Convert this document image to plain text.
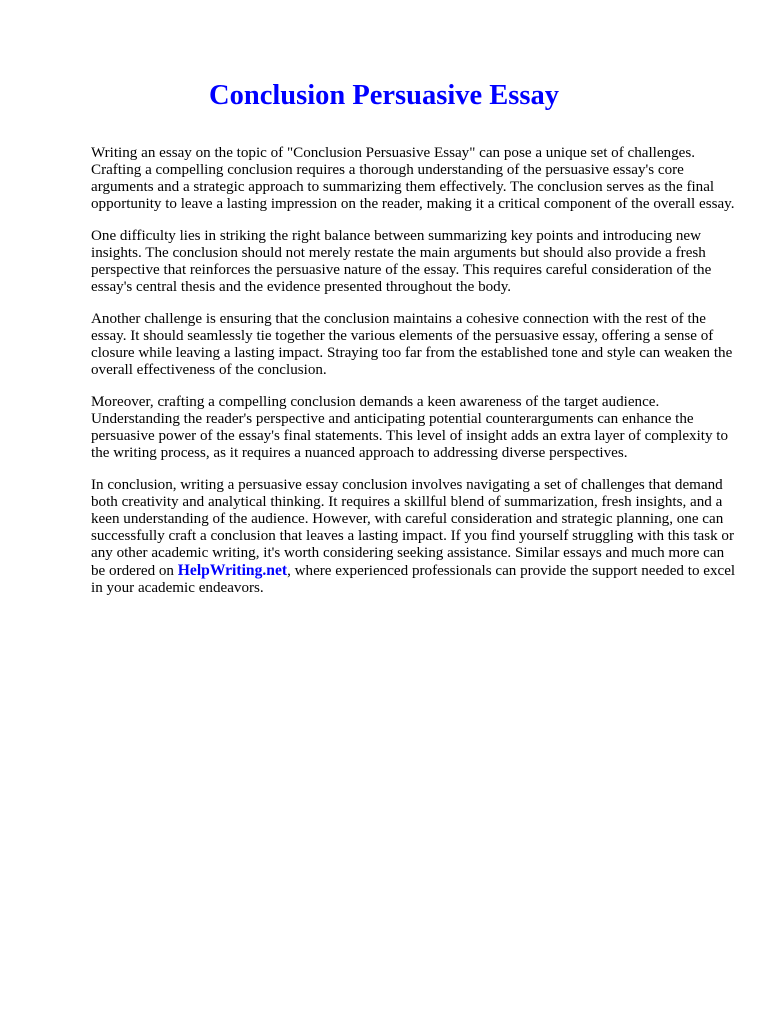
Conclusion Persuasive Essay

Writing an essay on the topic of "Conclusion Persuasive Essay" can pose a unique set of challenges. Crafting a compelling conclusion requires a thorough understanding of the persuasive essay's core arguments and a strategic approach to summarizing them effectively. The conclusion serves as the final opportunity to leave a lasting impression on the reader, making it a critical component of the overall essay.

One difficulty lies in striking the right balance between summarizing key points and introducing new insights. The conclusion should not merely restate the main arguments but should also provide a fresh perspective that reinforces the persuasive nature of the essay. This requires careful consideration of the essay's central thesis and the evidence presented throughout the body.

Another challenge is ensuring that the conclusion maintains a cohesive connection with the rest of the essay. It should seamlessly tie together the various elements of the persuasive essay, offering a sense of closure while leaving a lasting impact. Straying too far from the established tone and style can weaken the overall effectiveness of the conclusion.

Moreover, crafting a compelling conclusion demands a keen awareness of the target audience. Understanding the reader's perspective and anticipating potential counterarguments can enhance the persuasive power of the essay's final statements. This level of insight adds an extra layer of complexity to the writing process, as it requires a nuanced approach to addressing diverse perspectives.

In conclusion, writing a persuasive essay conclusion involves navigating a set of challenges that demand both creativity and analytical thinking. It requires a skillful blend of summarization, fresh insights, and a keen understanding of the audience. However, with careful consideration and strategic planning, one can successfully craft a conclusion that leaves a lasting impact. If you find yourself struggling with this task or any other academic writing, it's worth considering seeking assistance. Similar essays and much more can be ordered on HelpWriting.net, where experienced professionals can provide the support needed to excel in your academic endeavors.
